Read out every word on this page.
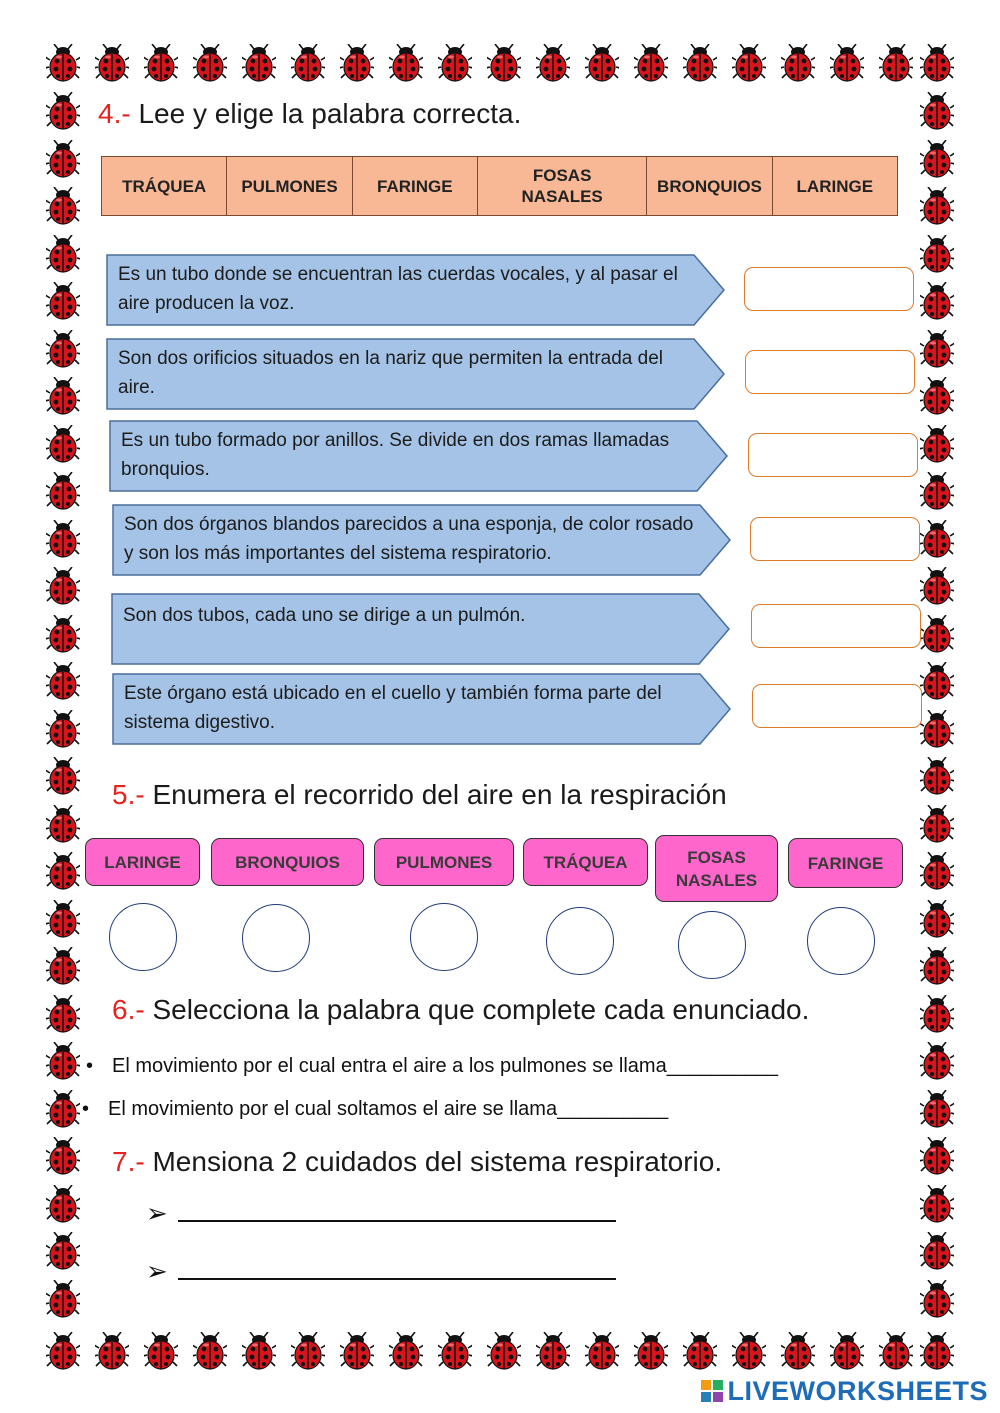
4.- Lee y elige la palabra correcta.
TRÁQUEA	PULMONES	FARINGE
FOSAS NASALES
BRONQUIOS	LARINGE
Es un tubo donde se encuentran las cuerdas vocales, y al pasar el aire producen la voz.
Son dos orificios situados en la nariz que permiten la entrada del aire.
Es un tubo formado por anillos. Se divide en dos ramas llamadas bronquios.
Son dos órganos blandos parecidos a una esponja, de color rosado y son los más importantes del sistema respiratorio.
Son dos tubos, cada uno se dirige a un pulmón.
Este órgano está ubicado en el cuello y también forma parte del sistema digestivo.
5.- Enumera el recorrido del aire en la respiración
LARINGE	BRONQUIOS	PULMONES	TRÁQUEA	FOSAS NASALES
FARINGE
6.- Selecciona la palabra que complete cada enunciado.
• El movimiento por el cual entra el aire a los pulmones se llama__________
• El movimiento por el cual soltamos el aire se llama__________
7.- Mensiona 2 cuidados del sistema respiratorio.
➢
➢
LIVEWORKSHEETS
